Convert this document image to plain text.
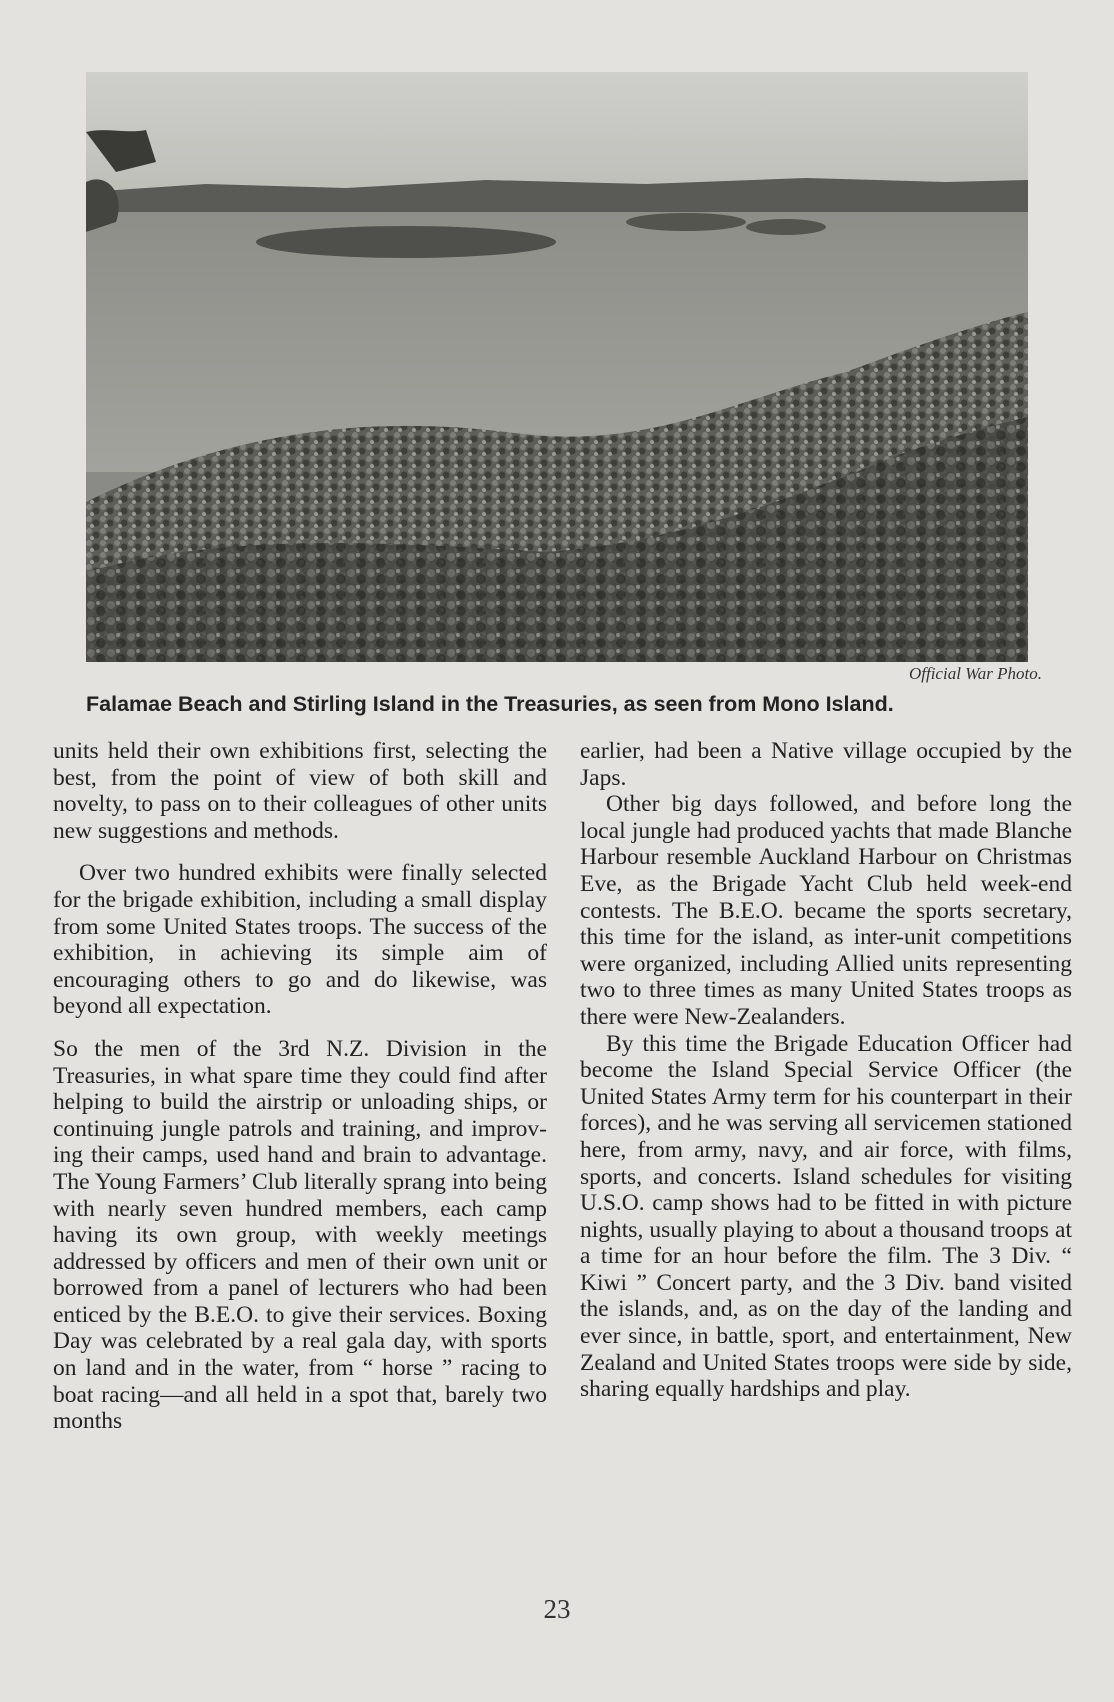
Official War Photo.
Falamae Beach and Stirling Island in the Treasuries, as seen from Mono Island.

units held their own exhibitions first, selecting the best, from the point of view of both skill and novelty, to pass on to their colleagues of other units new suggestions and methods.

Over two hundred exhibits were finally selected for the brigade exhibition, including a small display from some United States troops. The success of the exhibition, in achieving its simple aim of encouraging others to go and do likewise, was beyond all expectation.

So the men of the 3rd N.Z. Division in the Treasuries, in what spare time they could find after helping to build the airstrip or unloading ships, or continuing jungle patrols and training, and improving their camps, used hand and brain to advantage. The Young Farmers’ Club literally sprang into being with nearly seven hundred members, each camp having its own group, with weekly meetings addressed by officers and men of their own unit or borrowed from a panel of lecturers who had been enticed by the B.E.O. to give their services. Boxing Day was celebrated by a real gala day, with sports on land and in the water, from “ horse ” racing to boat racing—and all held in a spot that, barely two months

earlier, had been a Native village occupied by the Japs.

Other big days followed, and before long the local jungle had produced yachts that made Blanche Harbour resemble Auckland Harbour on Christmas Eve, as the Brigade Yacht Club held week-end contests. The B.E.O. became the sports secretary, this time for the island, as inter-unit competitions were organized, including Allied units representing two to three times as many United States troops as there were New-Zealanders.

By this time the Brigade Education Officer had become the Island Special Service Officer (the United States Army term for his counterpart in their forces), and he was serving all servicemen stationed here, from army, navy, and air force, with films, sports, and concerts. Island schedules for visiting U.S.O. camp shows had to be fitted in with picture nights, usually playing to about a thousand troops at a time for an hour before the film. The 3 Div. “ Kiwi ” Concert party, and the 3 Div. band visited the islands, and, as on the day of the landing and ever since, in battle, sport, and entertainment, New Zealand and United States troops were side by side, sharing equally hardships and play.

23
